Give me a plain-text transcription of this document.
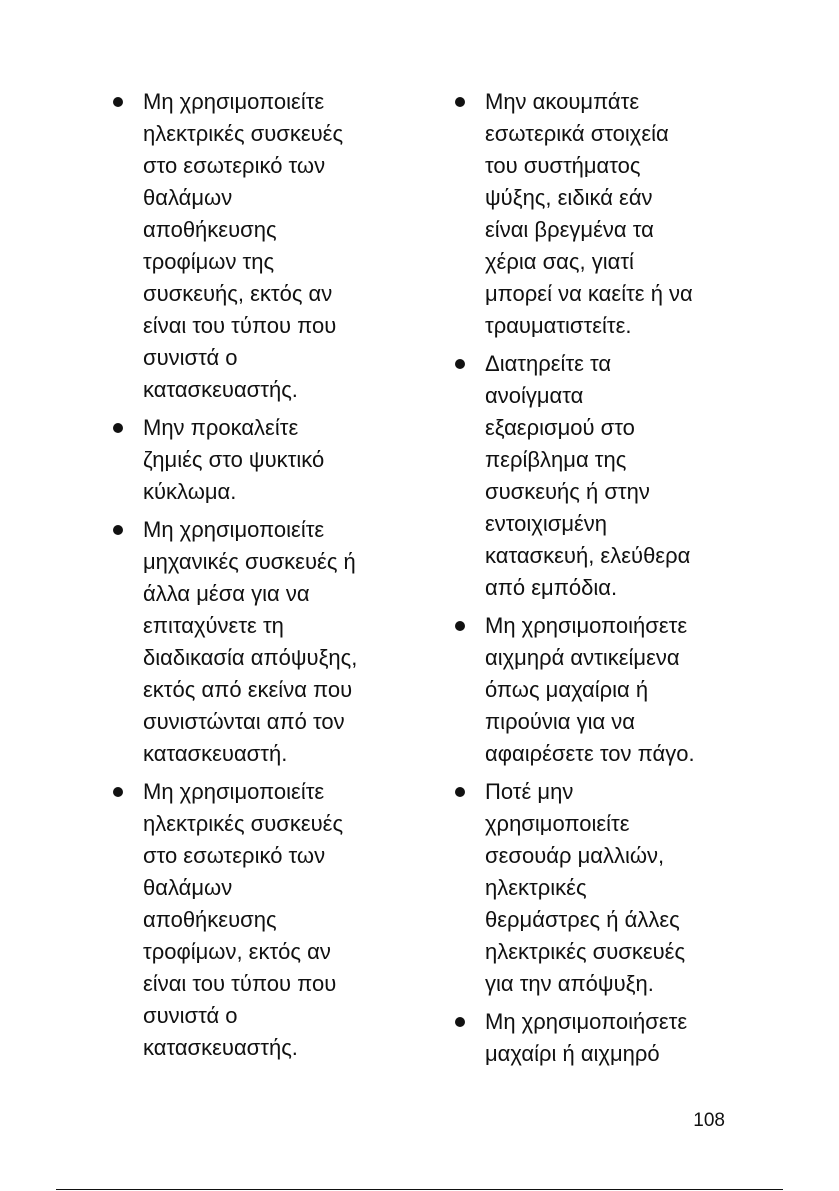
Μη χρησιμοποιείτε
ηλεκτρικές συσκευές
στο εσωτερικό των
θαλάμων
αποθήκευσης
τροφίμων της
συσκευής, εκτός αν
είναι του τύπου που
συνιστά ο
κατασκευαστής.
Μην προκαλείτε
ζημιές στο ψυκτικό
κύκλωμα.
Μη χρησιμοποιείτε
μηχανικές συσκευές ή
άλλα μέσα για να
επιταχύνετε τη
διαδικασία απόψυξης,
εκτός από εκείνα που
συνιστώνται από τον
κατασκευαστή.
Μη χρησιμοποιείτε
ηλεκτρικές συσκευές
στο εσωτερικό των
θαλάμων
αποθήκευσης
τροφίμων, εκτός αν
είναι του τύπου που
συνιστά ο
κατασκευαστής.
Μην ακουμπάτε
εσωτερικά στοιχεία
του συστήματος
ψύξης, ειδικά εάν
είναι βρεγμένα τα
χέρια σας, γιατί
μπορεί να καείτε ή να
τραυματιστείτε.
Διατηρείτε τα
ανοίγματα
εξαερισμού στο
περίβλημα της
συσκευής ή στην
εντοιχισμένη
κατασκευή, ελεύθερα
από εμπόδια.
Μη χρησιμοποιήσετε
αιχμηρά αντικείμενα
όπως μαχαίρια ή
πιρούνια για να
αφαιρέσετε τον πάγο.
Ποτέ μην
χρησιμοποιείτε
σεσουάρ μαλλιών,
ηλεκτρικές
θερμάστρες ή άλλες
ηλεκτρικές συσκευές
για την απόψυξη.
Μη χρησιμοποιήσετε
μαχαίρι ή αιχμηρό
108
